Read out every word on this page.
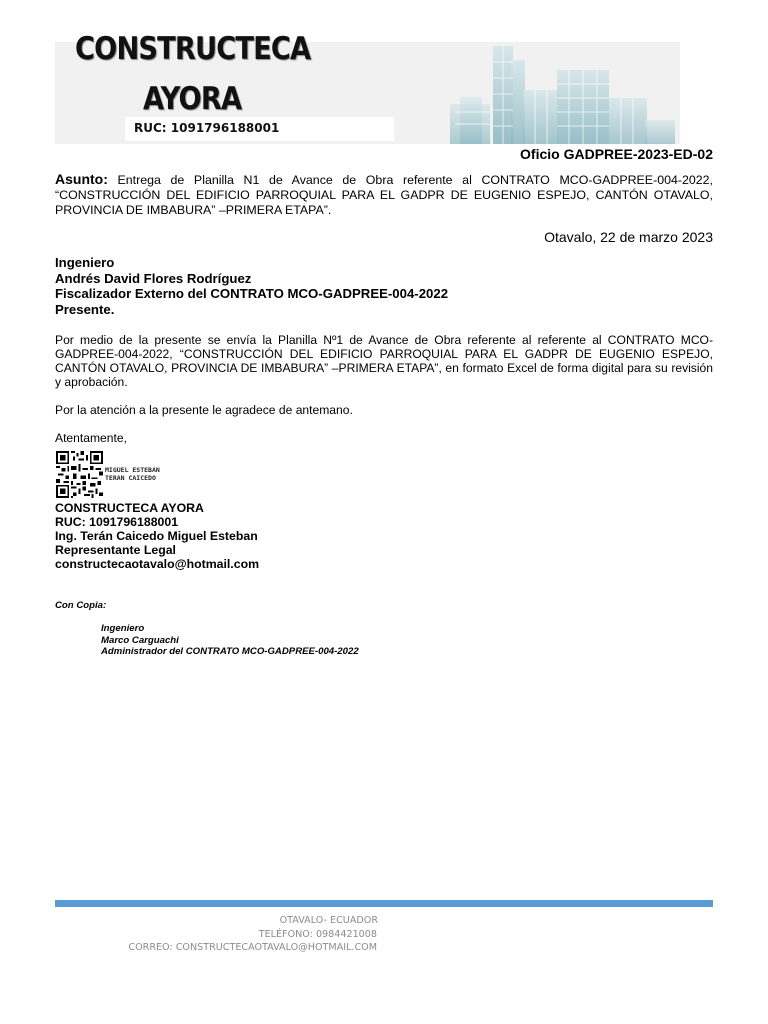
CONSTRUCTECA
AYORA
RUC: 1091796188001
Oficio GADPREE-2023-ED-02
Asunto: Entrega de Planilla N1 de Avance de Obra referente al CONTRATO MCO-GADPREE-004-2022, “CONSTRUCCIÓN DEL EDIFICIO PARROQUIAL PARA EL GADPR DE EUGENIO ESPEJO, CANTÓN OTAVALO, PROVINCIA DE IMBABURA” –PRIMERA ETAPA”.
Otavalo, 22 de marzo 2023
Ingeniero
Andrés David Flores Rodríguez
Fiscalizador Externo del CONTRATO MCO-GADPREE-004-2022
Presente.
Por medio de la presente se envía la Planilla Nº1 de Avance de Obra referente al referente al CONTRATO MCO-GADPREE-004-2022, “CONSTRUCCIÓN DEL EDIFICIO PARROQUIAL PARA EL GADPR DE EUGENIO ESPEJO, CANTÓN OTAVALO, PROVINCIA DE IMBABURA” –PRIMERA ETAPA”, en formato Excel de forma digital para su revisión y aprobación.
Por la atención a la presente le agradece de antemano.
Atentamente,
MIGUEL ESTEBAN
TERAN CAICEDO
CONSTRUCTECA AYORA
RUC: 1091796188001
Ing. Terán Caicedo Miguel Esteban
Representante Legal
constructecaotavalo@hotmail.com
Con Copia:
Ingeniero
Marco Carguachi
Administrador del CONTRATO MCO-GADPREE-004-2022
OTAVALO- ECUADOR
TELÉFONO: 0984421008
CORREO: CONSTRUCTECAOTAVALO@HOTMAIL.COM
